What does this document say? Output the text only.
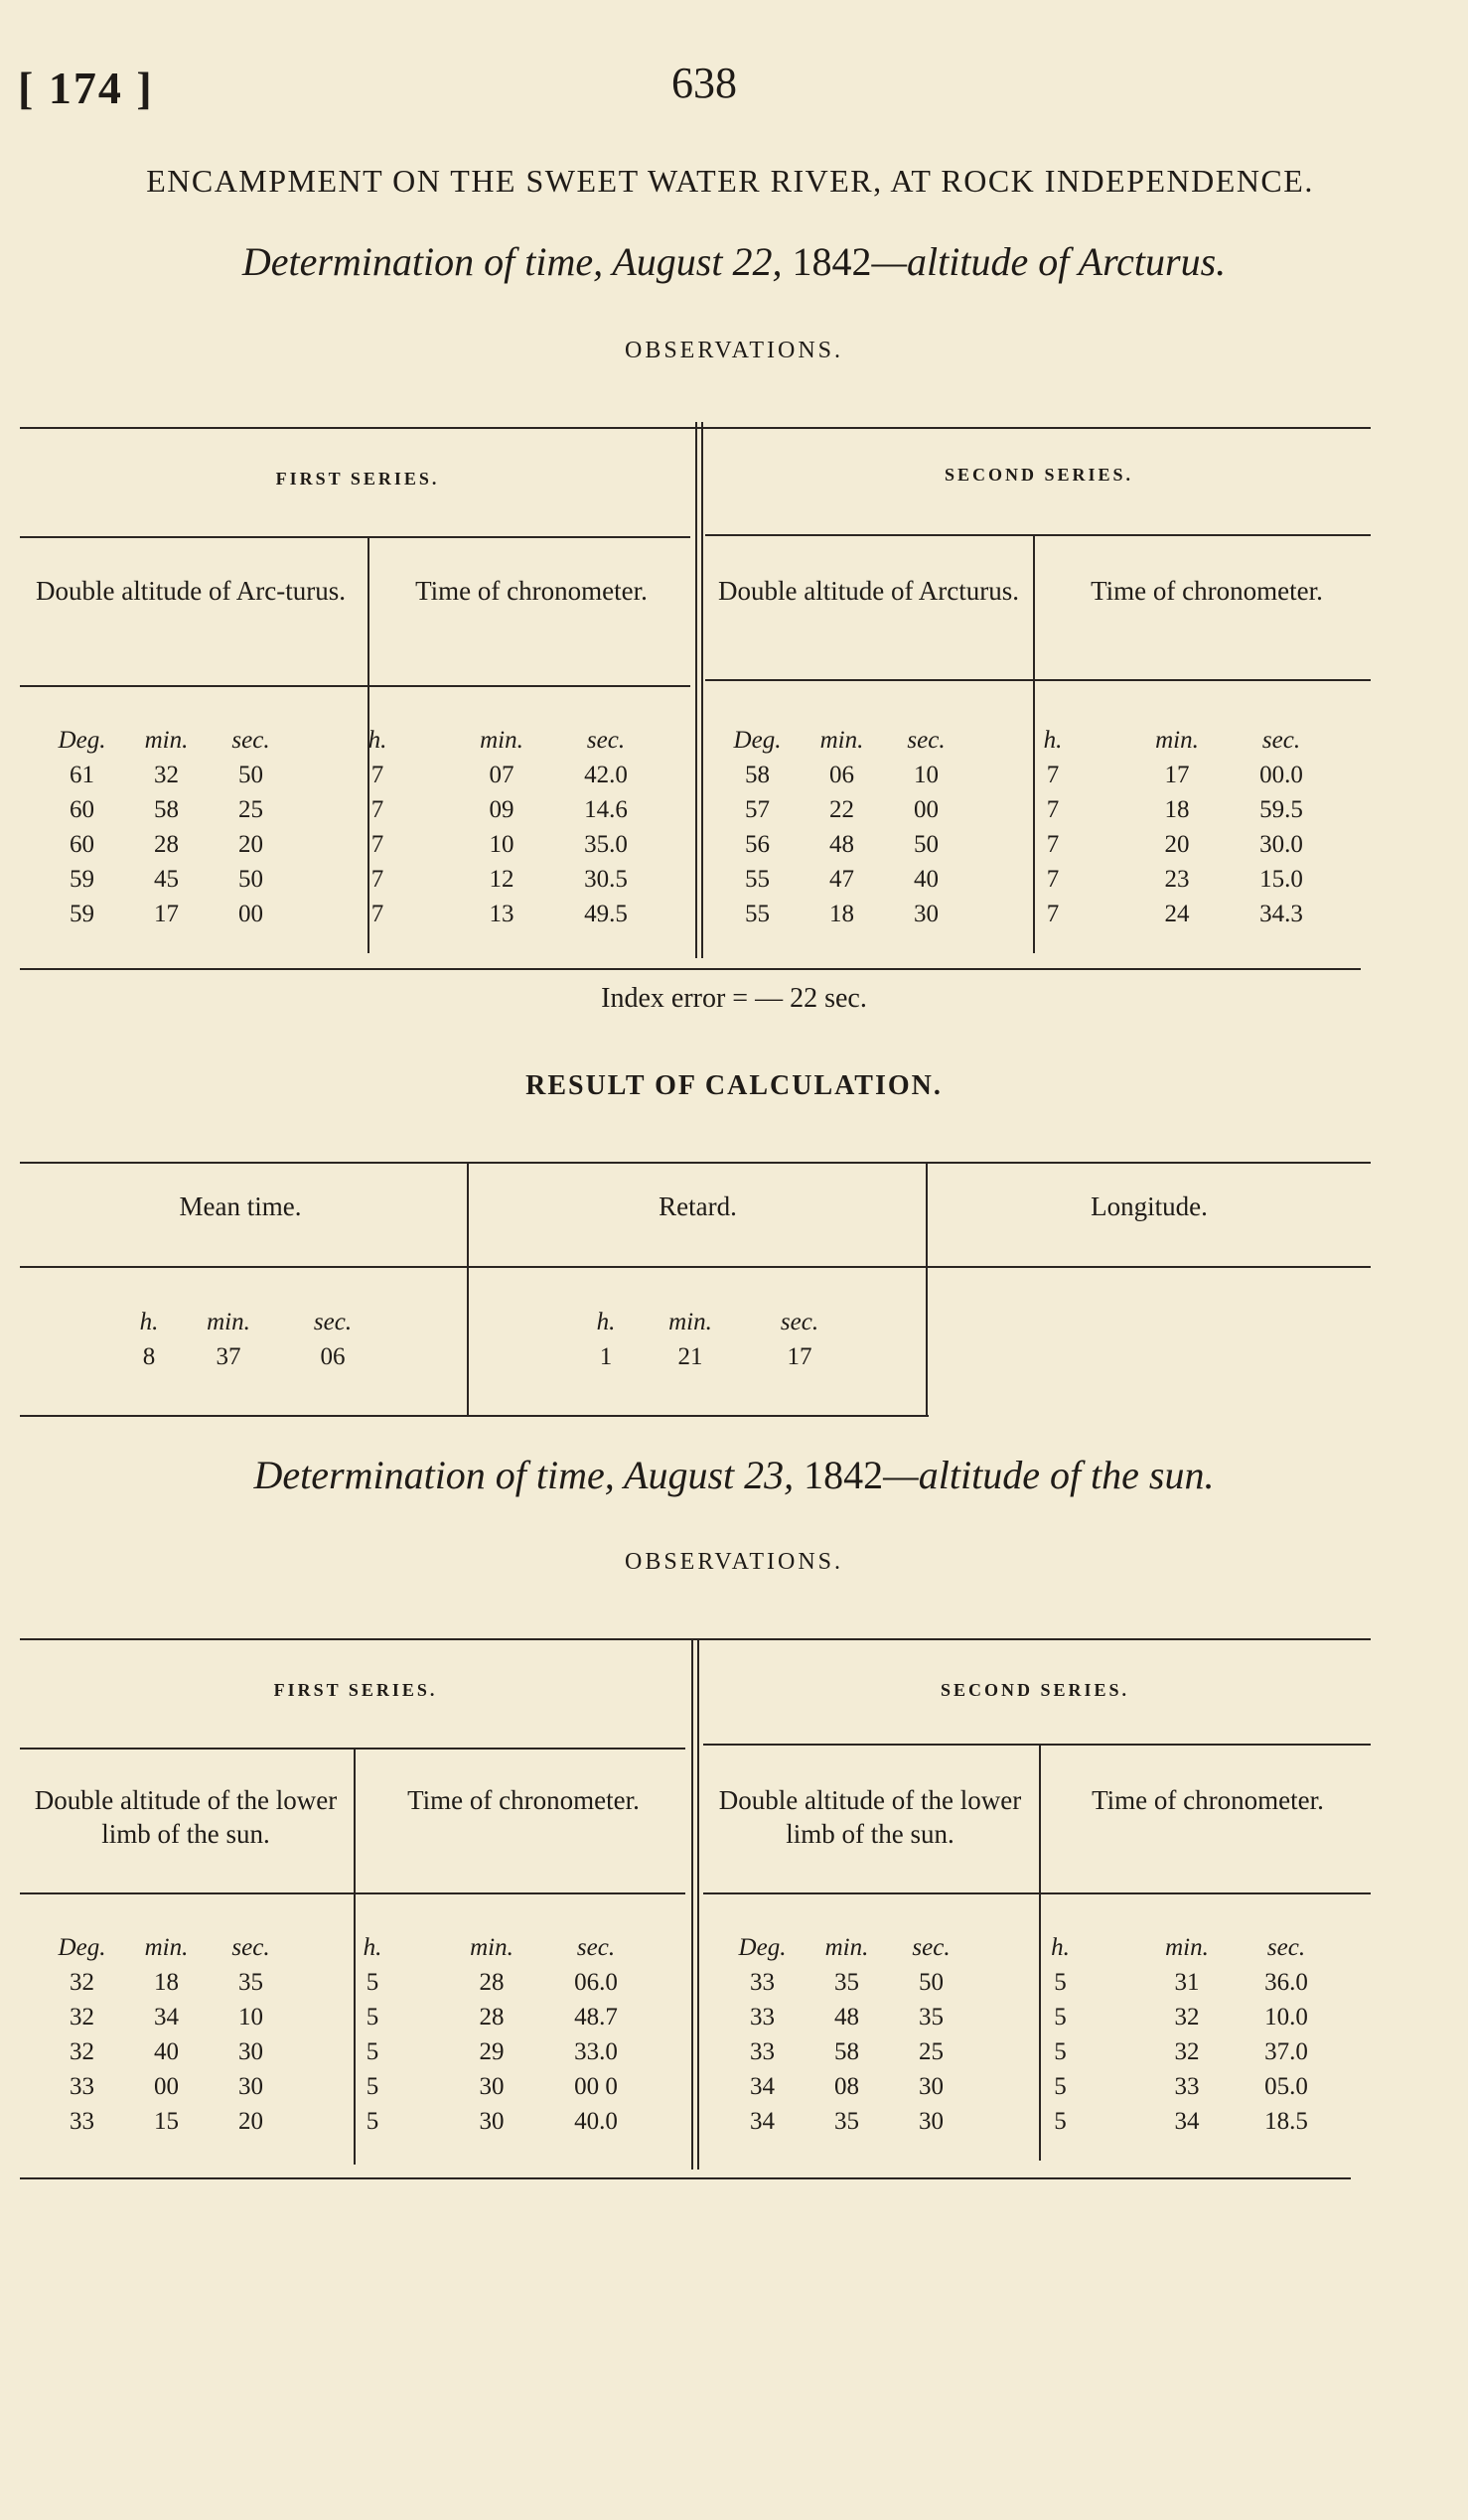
[ 174 ]	638
ENCAMPMENT ON THE SWEET WATER RIVER, AT ROCK INDEPENDENCE.
Determination of time, August 22, 1842—altitude of Arcturus.
OBSERVATIONS.
FIRST SERIES.	SECOND SERIES.
Double altitude of Arc-turus.	Time of chronometer.	Double altitude of Arcturus.	Time of chronometer.
Deg.	min.	sec.	h.	min.	sec.
61	32	50	7	07	42.0
60	58	25	7	09	14.6
60	28	20	7	10	35.0
59	45	50	7	12	30.5
59	17	00	7	13	49.5
Deg.	min.	sec.	h.	min.	sec.
58	06	10	7	17	00.0
57	22	00	7	18	59.5
56	48	50	7	20	30.0
55	47	40	7	23	15.0
55	18	30	7	24	34.3
Index error = — 22 sec.
RESULT OF CALCULATION.
Mean time.	Retard.	Longitude.
h.	min.	sec.
8	37	06
h.	min.	sec.
1	21	17
Determination of time, August 23, 1842—altitude of the sun.
OBSERVATIONS.
FIRST SERIES.	SECOND SERIES.
Double altitude of the lower limb of the sun.
Time of chronometer.	Double altitude of the lower limb of the sun.
Time of chronometer.
Deg.	min.	sec.	h.	min.	sec.
32	18	35	5	28	06.0
32	34	10	5	28	48.7
32	40	30	5	29	33.0
33	00	30	5	30	00 0
33	15	20	5	30	40.0
Deg.	min.	sec.	h.	min.	sec.
33	35	50	5	31	36.0
33	48	35	5	32	10.0
33	58	25	5	32	37.0
34	08	30	5	33	05.0
34	35	30	5	34	18.5
